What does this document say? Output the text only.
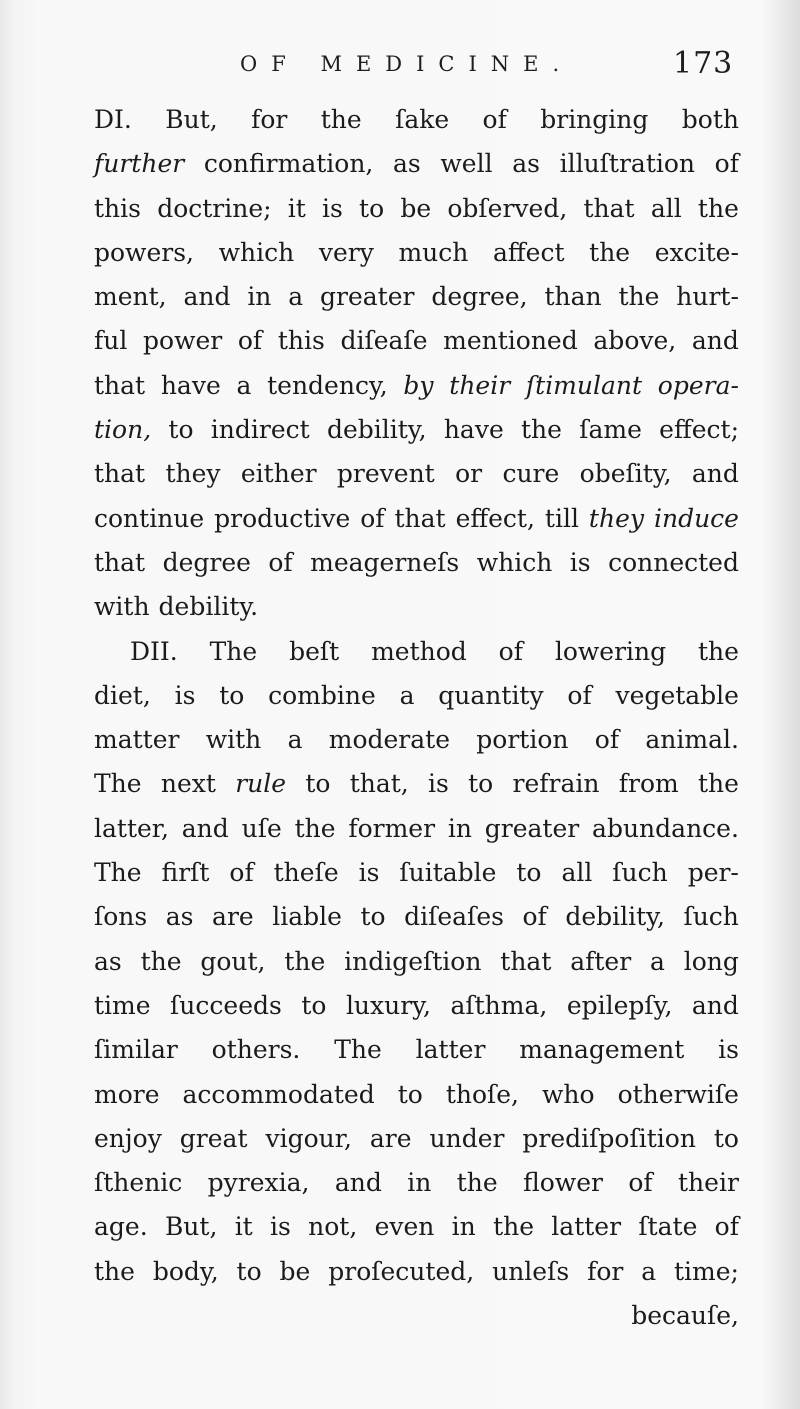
OF MEDICINE.	173
DI. But, for the ſake of bringing both
further confirmation, as well as illuſtration of
this doctrine; it is to be obſerved, that all the
powers, which very much affect the excite-
ment, and in a greater degree, than the hurt-
ful power of this diſeaſe mentioned above, and
that have a tendency, by their ſtimulant opera-
tion, to indirect debility, have the ſame effect;
that they either prevent or cure obeſity, and
continue productive of that effect, till they induce
that degree of meagerneſs which is connected
with debility.
DII. The beſt method of lowering the
diet, is to combine a quantity of vegetable
matter with a moderate portion of animal.
The next rule to that, is to refrain from the
latter, and uſe the former in greater abundance.
The firſt of theſe is ſuitable to all ſuch per-
ſons as are liable to diſeaſes of debility, ſuch
as the gout, the indigeſtion that after a long
time ſucceeds to luxury, aſthma, epilepſy, and
ſimilar others. The latter management is
more accommodated to thoſe, who otherwiſe
enjoy great vigour, are under prediſpoſition to
ſthenic pyrexia, and in the flower of their
age. But, it is not, even in the latter ſtate of
the body, to be proſecuted, unleſs for a time;
becauſe,
